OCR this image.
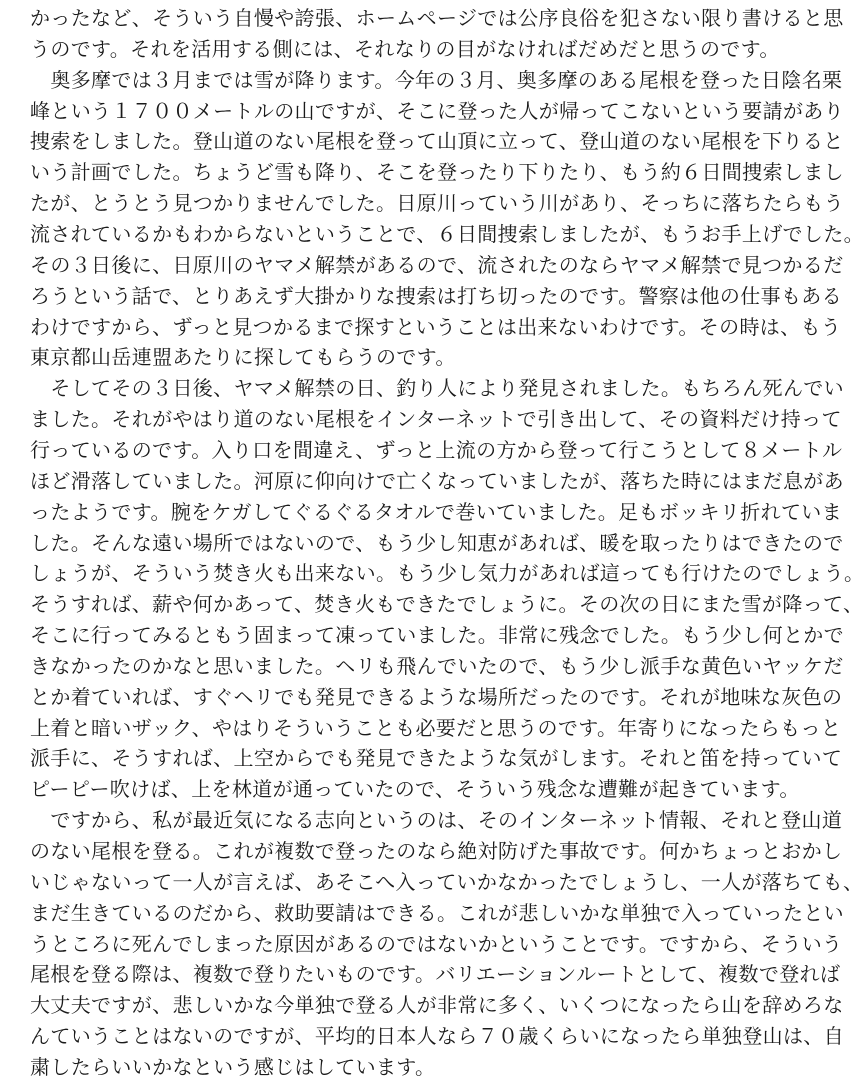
かったなど、そういう自慢や誇張、ホームページでは公序良俗を犯さない限り書けると思
うのです。それを活用する側には、それなりの目がなければだめだと思うのです。
　奥多摩では３月までは雪が降ります。今年の３月、奥多摩のある尾根を登った日陰名栗
峰という１７００メートルの山ですが、そこに登った人が帰ってこないという要請があり
捜索をしました。登山道のない尾根を登って山頂に立って、登山道のない尾根を下りると
いう計画でした。ちょうど雪も降り、そこを登ったり下りたり、もう約６日間捜索しまし
たが、とうとう見つかりませんでした。日原川っていう川があり、そっちに落ちたらもう
流されているかもわからないということで、６日間捜索しましたが、もうお手上げでした。
その３日後に、日原川のヤマメ解禁があるので、流されたのならヤマメ解禁で見つかるだ
ろうという話で、とりあえず大掛かりな捜索は打ち切ったのです。警察は他の仕事もある
わけですから、ずっと見つかるまで探すということは出来ないわけです。その時は、もう
東京都山岳連盟あたりに探してもらうのです。
　そしてその３日後、ヤマメ解禁の日、釣り人により発見されました。もちろん死んでい
ました。それがやはり道のない尾根をインターネットで引き出して、その資料だけ持って
行っているのです。入り口を間違え、ずっと上流の方から登って行こうとして８メートル
ほど滑落していました。河原に仰向けで亡くなっていましたが、落ちた時にはまだ息があ
ったようです。腕をケガしてぐるぐるタオルで巻いていました。足もボッキリ折れていま
した。そんな遠い場所ではないので、もう少し知恵があれば、暖を取ったりはできたので
しょうが、そういう焚き火も出来ない。もう少し気力があれば這っても行けたのでしょう。
そうすれば、薪や何かあって、焚き火もできたでしょうに。その次の日にまた雪が降って、
そこに行ってみるともう固まって凍っていました。非常に残念でした。もう少し何とかで
きなかったのかなと思いました。ヘリも飛んでいたので、もう少し派手な黄色いヤッケだ
とか着ていれば、すぐヘリでも発見できるような場所だったのです。それが地味な灰色の
上着と暗いザック、やはりそういうことも必要だと思うのです。年寄りになったらもっと
派手に、そうすれば、上空からでも発見できたような気がします。それと笛を持っていて
ピーピー吹けば、上を林道が通っていたので、そういう残念な遭難が起きています。
　ですから、私が最近気になる志向というのは、そのインターネット情報、それと登山道
のない尾根を登る。これが複数で登ったのなら絶対防げた事故です。何かちょっとおかし
いじゃないって一人が言えば、あそこへ入っていかなかったでしょうし、一人が落ちても、
まだ生きているのだから、救助要請はできる。これが悲しいかな単独で入っていったとい
うところに死んでしまった原因があるのではないかということです。ですから、そういう
尾根を登る際は、複数で登りたいものです。バリエーションルートとして、複数で登れば
大丈夫ですが、悲しいかな今単独で登る人が非常に多く、いくつになったら山を辞めろな
んていうことはないのですが、平均的日本人なら７０歳くらいになったら単独登山は、自
粛したらいいかなという感じはしています。
